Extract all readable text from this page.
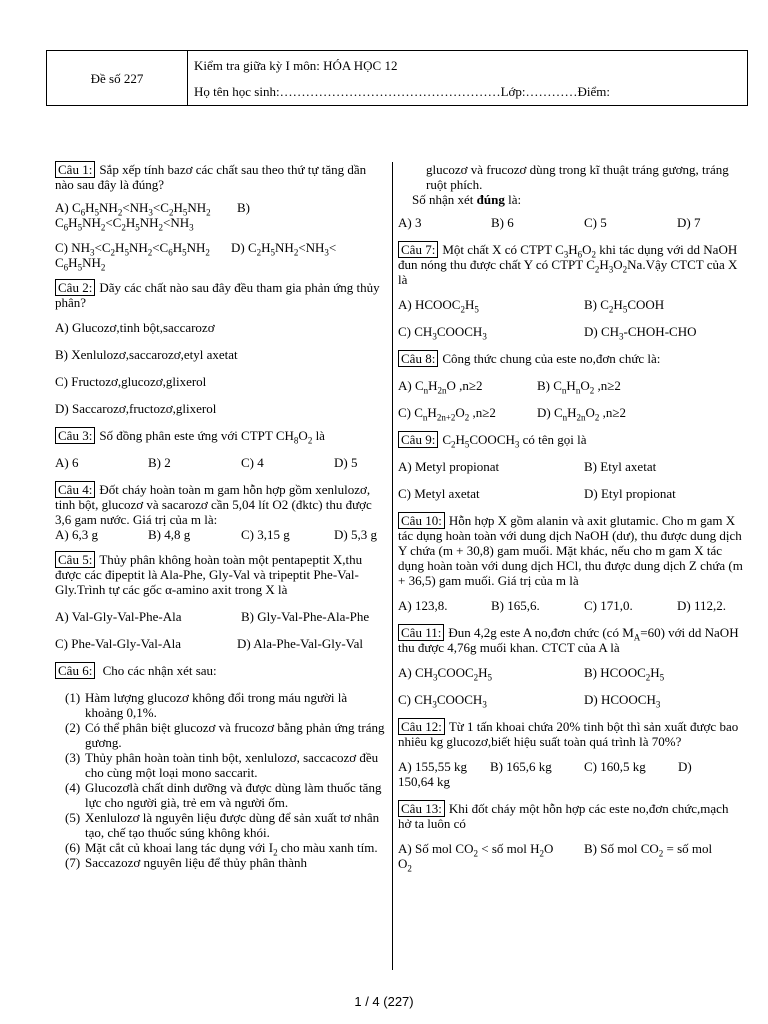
Đề số 227
Kiểm tra giữa kỳ I môn: HÓA HỌC 12
Họ tên học sinh:……………………………………………Lớp:…………Điểm:

Câu 1: Sắp xếp tính bazơ các chất sau theo thứ tự tăng dần nào sau đây là đúng?

A) $C_6H_5NH_2<NH_3<C_2H_5NH_2$	B)
$C_6H_5NH_2<C_2H_5NH_2<NH_3$
C) $NH_3<C_2H_5NH_2<C_6H_5NH_2$	D) $C_2H_5NH_2<NH_3<$
$C_6H_5NH_2$

Câu 2: Dãy các chất nào sau đây đều tham gia phản ứng thủy phân?

A) Glucozơ,tinh bột,saccarozơ
B) Xenlulozơ,saccarozơ,etyl axetat
C) Fructozơ,glucozơ,glixerol
D) Saccarozơ,fructozơ,glixerol

Câu 3: Số đồng phân este ứng với CTPT $CH_8O_2$ là

A) 6	B) 2	C) 4	D) 5

Câu 4: Đốt cháy hoàn toàn m gam hỗn hợp gồm xenlulozơ, tinh bột, glucozơ và sacarozơ cần 5,04 lít O2 (đktc) thu được 3,6 gam nước. Giá trị của m là:

A) 6,3 g	B) 4,8 g	C) 3,15 g	D) 5,3 g

Câu 5: Thủy phân không hoàn toàn một pentapeptit X,thu được các đipeptit là Ala-Phe, Gly-Val và tripeptit Phe-Val-Gly.Trình tự các gốc α-amino axit trong X là

A) Val-Gly-Val-Phe-Ala	B) Gly-Val-Phe-Ala-Phe
C) Phe-Val-Gly-Val-Ala	D) Ala-Phe-Val-Gly-Val

Câu 6: Cho các nhận xét sau:

(1) Hàm lượng glucozơ không đổi trong máu người là khoảng 0,1%.
(2) Có thể phân biệt glucozơ và frucozơ bằng phản ứng tráng gương.
(3) Thủy phân hoàn toàn tinh bột, xenlulozơ, saccacozơ đều cho cùng một loại mono saccarit.
(4) Glucozơlà chất dinh dưỡng và được dùng làm thuốc tăng lực cho người già, trẻ em và người ốm.
(5) Xenlulozơ là nguyên liệu được dùng để sản xuất tơ nhân tạo, chế tạo thuốc súng không khói.
(6) Mặt cắt củ khoai lang tác dụng với $I_2$ cho màu xanh tím.
(7) Saccazozơ nguyên liệu để thủy phân thành
glucozơ và frucozơ dùng trong kĩ thuật tráng gương, tráng ruột phích.
Số nhận xét đúng là:
A) 3	B) 6	C) 5	D) 7

Câu 7: Một chất X có CTPT $C_3H_6O_2$ khi tác dụng với dd NaOH đun nóng thu được chất Y có CTPT $C_2H_3O_2Na.Vậy$ CTCT của X là

A) $HCOOC_2H_5$	B) $C_2H_5COOH$
C) $CH_3COOCH_3$	D) $CH_3-CHOH$-CHO

Câu 8: Công thức chung của este no,đơn chức là:

A) $C_nH_{2n}O$ ,n≥2	B) $C_nH_nO_2$ ,n≥2
C) $C_nH_{2n+2}O_2$ ,n≥2	D) $C_nH_{2n}O_2$ ,n≥2

Câu 9: $C_2H_5COOCH_3$ có tên gọi là

A) Metyl propionat	B) Etyl axetat
C) Metyl axetat	D) Etyl propionat

Câu 10: Hỗn hợp X gồm alanin và axit glutamic. Cho m gam X tác dụng hoàn toàn với dung dịch NaOH (dư), thu được dung dịch Y chứa (m + 30,8) gam muối. Mặt khác, nếu cho m gam X tác dụng hoàn toàn với dung dịch HCl, thu được dung dịch Z chứa (m + 36,5) gam muối. Giá trị của m là

A) 123,8.	B) 165,6.	C) 171,0.	D) 112,2.

Câu 11: Đun 4,2g este A no,đơn chức (có $M_A=60$) với dd NaOH thu được 4,76g muối khan. CTCT của A là

A) $CH_3COOC_2H_5$	B) $HCOOC_2H_5$
C) $CH_3COOCH_3$	D) $HCOOCH_3$

Câu 12: Từ 1 tấn khoai chứa 20% tinh bột thì sản xuất được bao nhiêu kg glucozơ,biết hiệu suất toàn quá trình là 70%?

A) 155,55 kg	B) 165,6 kg	C) 160,5 kg	D)
150,64 kg

Câu 13: Khi đốt cháy một hỗn hợp các este no,đơn chức,mạch hở ta luôn có

A) Số mol $CO_2$ < số mol $H_2O$	B) Số mol $CO_2$ = số mol
$O_2$
1 / 4 (227)
